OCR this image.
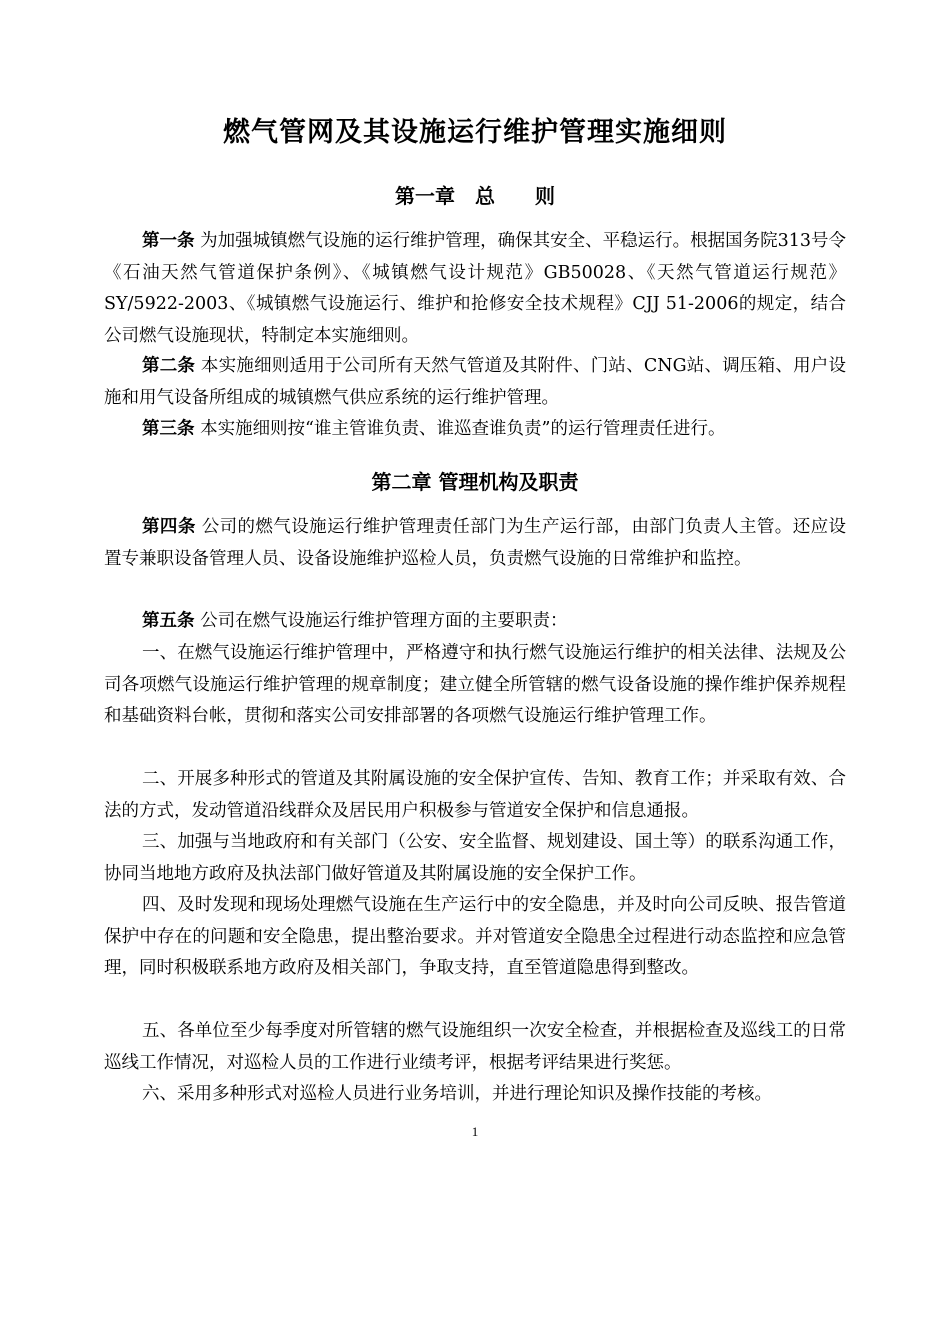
燃气管网及其设施运行维护管理实施细则
第一章　总　　则

第一条 为加强城镇燃气设施的运行维护管理，确保其安全、平稳运行。根据国务院313号令《石油天然气管道保护条例》、《城镇燃气设计规范》GB50028、《天然气管道运行规范》SY/5922-2003、《城镇燃气设施运行、维护和抢修安全技术规程》CJJ 51-2006的规定，结合公司燃气设施现状，特制定本实施细则。

第二条 本实施细则适用于公司所有天然气管道及其附件、门站、CNG站、调压箱、用户设施和用气设备所组成的城镇燃气供应系统的运行维护管理。

第三条 本实施细则按“谁主管谁负责、谁巡查谁负责”的运行管理责任进行。

第二章 管理机构及职责

第四条 公司的燃气设施运行维护管理责任部门为生产运行部，由部门负责人主管。还应设置专兼职设备管理人员、设备设施维护巡检人员，负责燃气设施的日常维护和监控。

第五条 公司在燃气设施运行维护管理方面的主要职责：

一、在燃气设施运行维护管理中，严格遵守和执行燃气设施运行维护的相关法律、法规及公司各项燃气设施运行维护管理的规章制度；建立健全所管辖的燃气设备设施的操作维护保养规程和基础资料台帐，贯彻和落实公司安排部署的各项燃气设施运行维护管理工作。

二、开展多种形式的管道及其附属设施的安全保护宣传、告知、教育工作；并采取有效、合法的方式，发动管道沿线群众及居民用户积极参与管道安全保护和信息通报。

三、加强与当地政府和有关部门（公安、安全监督、规划建设、国土等）的联系沟通工作，协同当地地方政府及执法部门做好管道及其附属设施的安全保护工作。

四、及时发现和现场处理燃气设施在生产运行中的安全隐患，并及时向公司反映、报告管道保护中存在的问题和安全隐患，提出整治要求。并对管道安全隐患全过程进行动态监控和应急管理，同时积极联系地方政府及相关部门，争取支持，直至管道隐患得到整改。

五、各单位至少每季度对所管辖的燃气设施组织一次安全检查，并根据检查及巡线工的日常巡线工作情况，对巡检人员的工作进行业绩考评，根据考评结果进行奖惩。

六、采用多种形式对巡检人员进行业务培训，并进行理论知识及操作技能的考核。

1
